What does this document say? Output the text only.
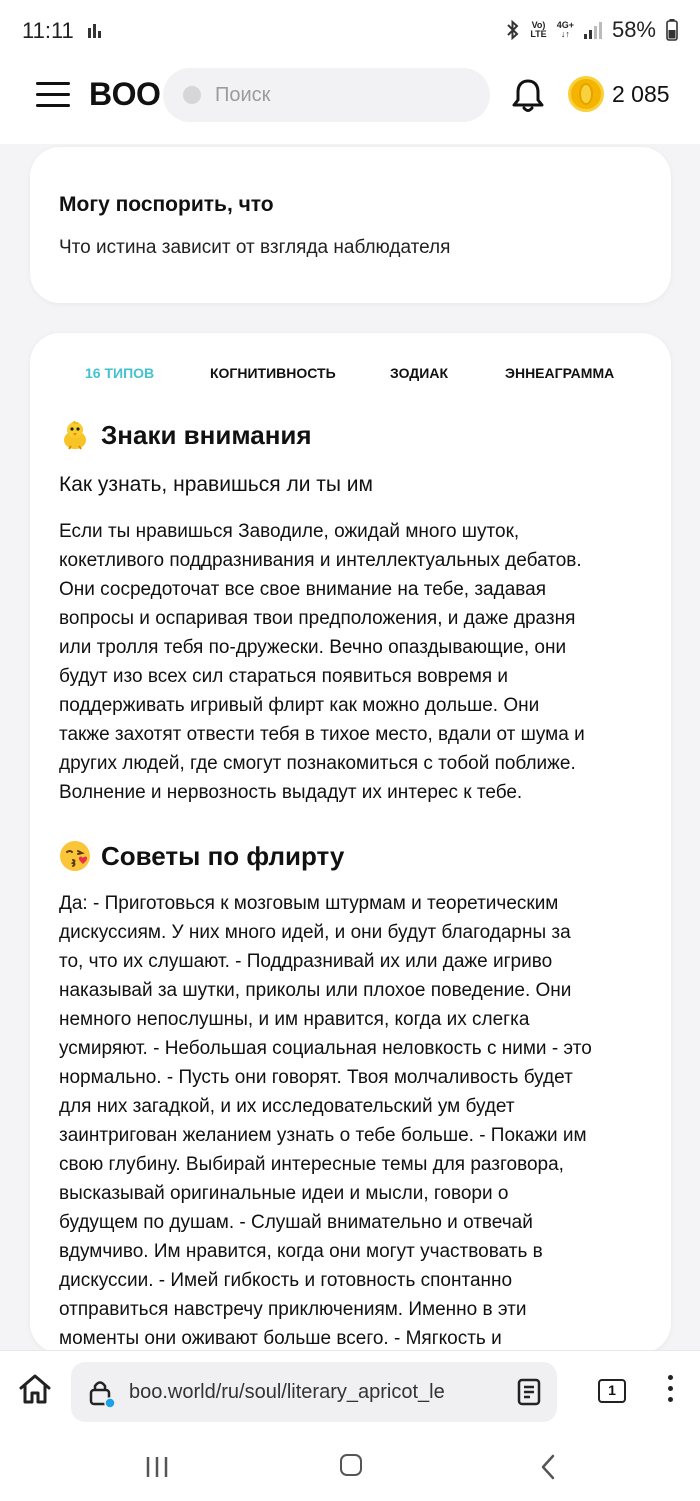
11:11	Vo)
LTE
4G+
↓↑ 58%
BOO	Поиск	2 085
Могу поспорить, что
Что истина зависит от взгляда наблюдателя
16 ТИПОВ	КОГНИТИВНОСТЬ	ЗОДИАК	ЭННЕАГРАММА
Знаки внимания
Как узнать, нравишься ли ты им
Если ты нравишься Заводиле, ожидай много шуток,
кокетливого поддразнивания и интеллектуальных дебатов.
Они сосредоточат все свое внимание на тебе, задавая
вопросы и оспаривая твои предположения, и даже дразня
или тролля тебя по-дружески. Вечно опаздывающие, они
будут изо всех сил стараться появиться вовремя и
поддерживать игривый флирт как можно дольше. Они
также захотят отвести тебя в тихое место, вдали от шума и
других людей, где смогут познакомиться с тобой поближе.
Волнение и нервозность выдадут их интерес к тебе.
Советы по флирту
Да: - Приготовься к мозговым штурмам и теоретическим
дискуссиям. У них много идей, и они будут благодарны за
то, что их слушают. - Поддразнивай их или даже игриво
наказывай за шутки, приколы или плохое поведение. Они
немного непослушны, и им нравится, когда их слегка
усмиряют. - Небольшая социальная неловкость с ними - это
нормально. - Пусть они говорят. Твоя молчаливость будет
для них загадкой, и их исследовательский ум будет
заинтригован желанием узнать о тебе больше. - Покажи им
свою глубину. Выбирай интересные темы для разговора,
высказывай оригинальные идеи и мысли, говори о
будущем по душам. - Слушай внимательно и отвечай
вдумчиво. Им нравится, когда они могут участвовать в
дискуссии. - Имей гибкость и готовность спонтанно
отправиться навстречу приключениям. Именно в эти
моменты они оживают больше всего. - Мягкость и
boo.world/ru/soul/literary_apricot_le	1
